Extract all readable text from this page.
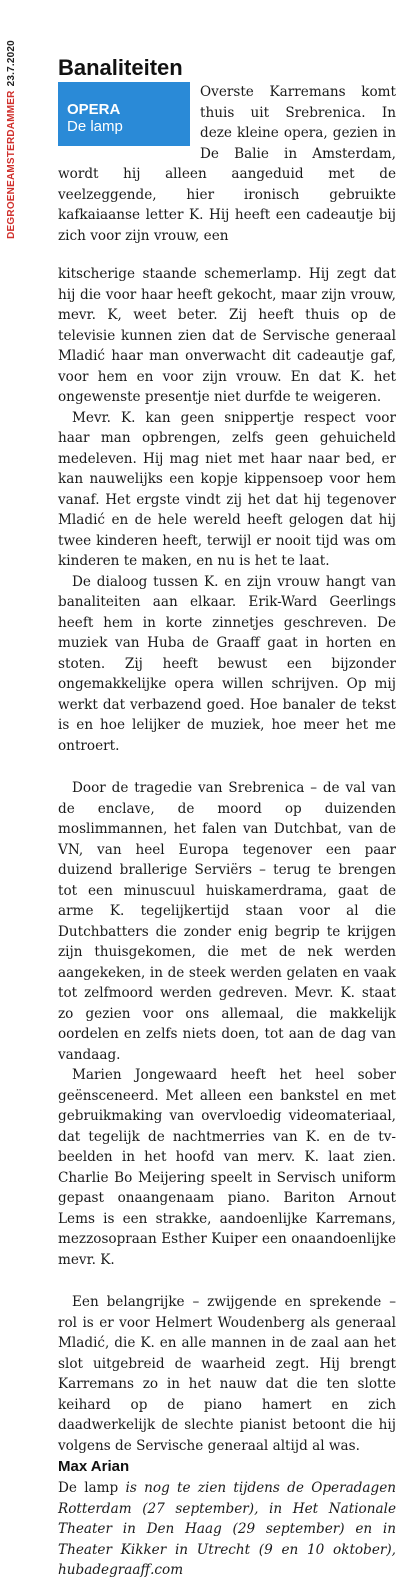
DEGROENEAMSTERDAMMER23.7.2020 Banaliteiten
OPERA
De lamp

Overste Karremans komt thuis uit Srebrenica. In deze kleine opera, gezien in De Balie in Amsterdam, wordt hij alleen aangeduid met de veelzeggende, hier ironisch gebruikte kafkaiaanse letter K. Hij heeft een cadeautje bij zich voor zijn vrouw, een

kitscherige staande schemerlamp. Hij zegt dat hij die voor haar heeft gekocht, maar zijn vrouw, mevr. K, weet beter. Zij heeft thuis op de televisie kunnen zien dat de Servische generaal Mladić haar man onverwacht dit cadeautje gaf, voor hem en voor zijn vrouw. En dat K. het ongewenste presentje niet durfde te weigeren.

Mevr. K. kan geen snippertje respect voor haar man opbrengen, zelfs geen gehuicheld medeleven. Hij mag niet met haar naar bed, er kan nauwelijks een kopje kippensoep voor hem vanaf. Het ergste vindt zij het dat hij tegenover Mladić en de hele wereld heeft gelogen dat hij twee kinderen heeft, terwijl er nooit tijd was om kinderen te maken, en nu is het te laat.

De dialoog tussen K. en zijn vrouw hangt van banaliteiten aan elkaar. Erik-Ward Geerlings heeft hem in korte zinnetjes geschreven. De muziek van Huba de Graaff gaat in horten en stoten. Zij heeft bewust een bijzonder ongemakkelijke opera willen schrijven. Op mij werkt dat verbazend goed. Hoe banaler de tekst is en hoe lelijker de muziek, hoe meer het me ontroert.

Door de tragedie van Srebrenica – de val van de enclave, de moord op duizenden moslimmannen, het falen van Dutchbat, van de VN, van heel Europa tegenover een paar duizend brallerige Serviërs – terug te brengen tot een minuscuul huiskamerdrama, gaat de arme K. tegelijkertijd staan voor al die Dutchbatters die zonder enig begrip te krijgen zijn thuisgekomen, die met de nek werden aangekeken, in de steek werden gelaten en vaak tot zelfmoord werden gedreven. Mevr. K. staat zo gezien voor ons allemaal, die makkelijk oordelen en zelfs niets doen, tot aan de dag van vandaag.

Marien Jongewaard heeft het heel sober geënsceneerd. Met alleen een bankstel en met gebruikmaking van overvloedig videomateriaal, dat tegelijk de nachtmerries van K. en de tv-beelden in het hoofd van merv. K. laat zien. Charlie Bo Meijering speelt in Servisch uniform gepast onaangenaam piano. Bariton Arnout Lems is een strakke, aandoenlijke Karremans, mezzosopraan Esther Kuiper een onaandoenlijke mevr. K.

Een belangrijke – zwijgende en sprekende – rol is er voor Helmert Woudenberg als generaal Mladić, die K. en alle mannen in de zaal aan het slot uitgebreid de waarheid zegt. Hij brengt Karremans zo in het nauw dat die ten slotte keihard op de piano hamert en zich daadwerkelijk de slechte pianist betoont die hij volgens de Servische generaal altijd al was.

Max Arian

De lamp is nog te zien tijdens de Operadagen Rotterdam (27 september), in Het Nationale Theater in Den Haag (29 september) en in Theater Kikker in Utrecht (9 en 10 oktober), hubadegraaff.com
